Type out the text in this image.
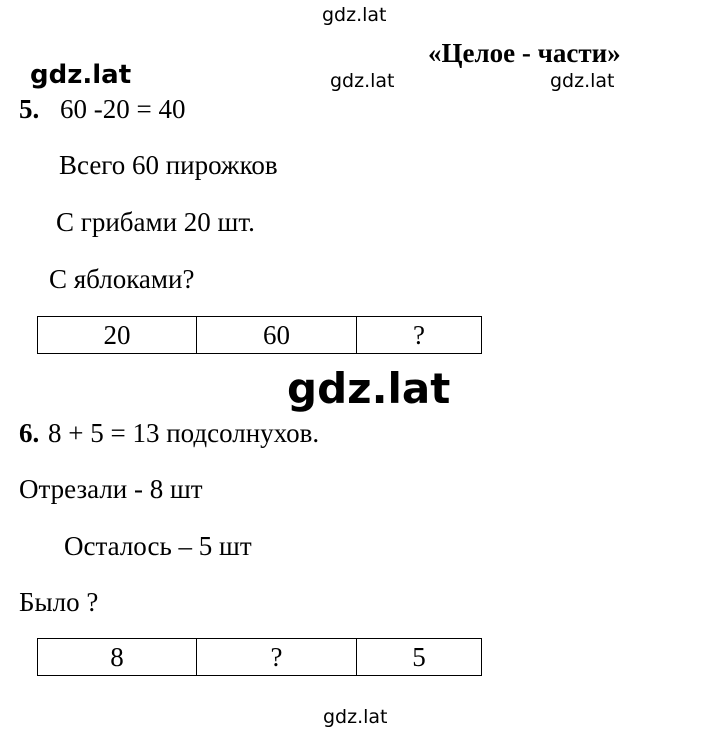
gdz.lat
gdz.lat	gdz.lat	gdz.lat
gdz.lat
gdz.lat
«Целое - части»
5. 60 -20 = 40
Всего 60 пирожков
С грибами 20 шт.
С яблоками?
20	60	?
6. 8 + 5 = 13 подсолнухов.
Отрезали - 8 шт
Осталось – 5 шт
Было ?
8	?	5
